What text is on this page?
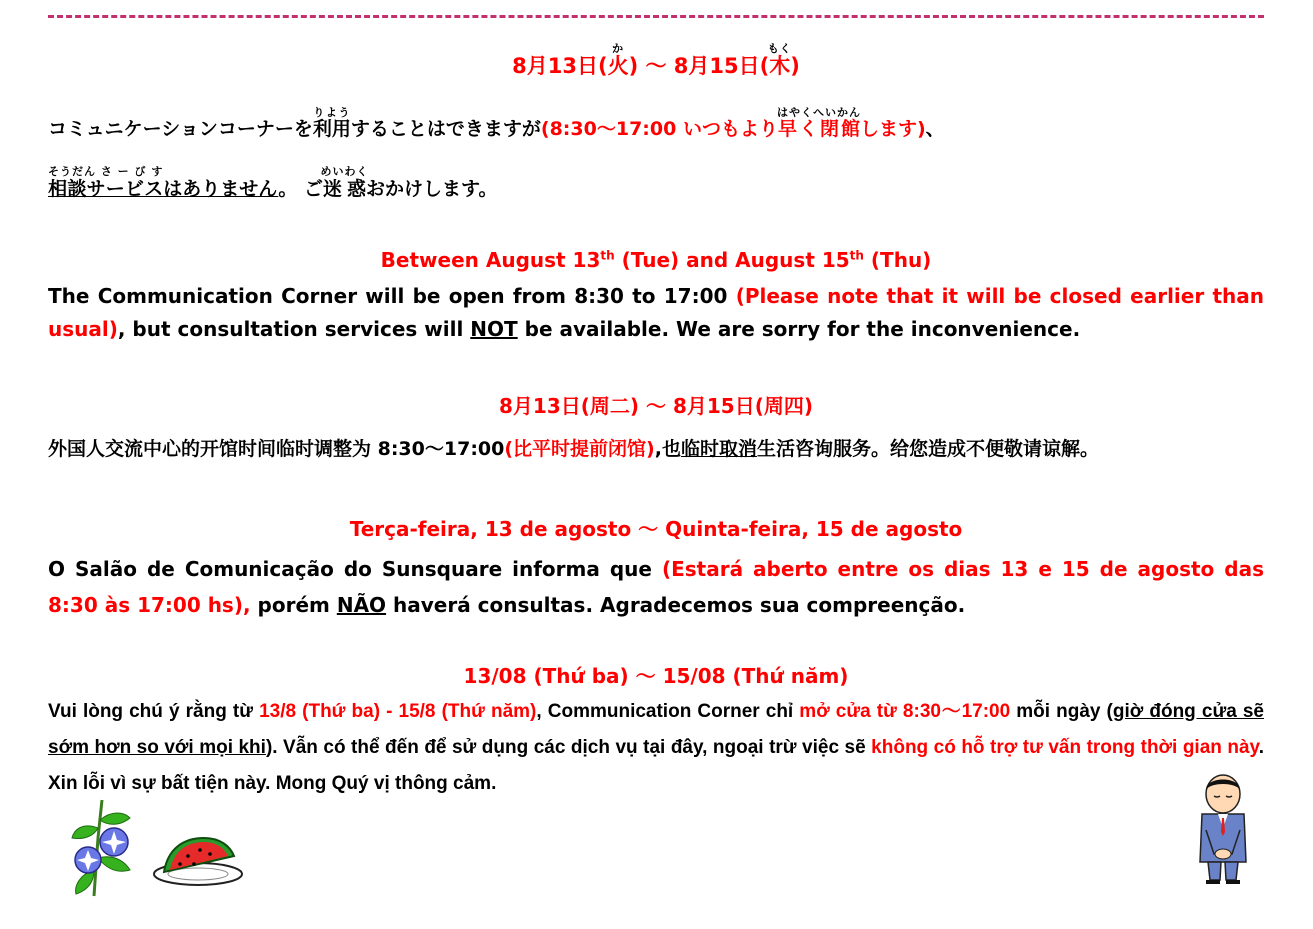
8月13日(火か) 〜 8月15日(木もく)
コミュニケーションコーナーを利用りようすることはできますが(8:30〜17:00 いつもより早く閉館はやくへいかんします)、
相談サービスそうだん さ ー び すはありません。 ご迷惑めいわくおかけします。
Between August 13th (Tue) and August 15th (Thu)
The Communication Corner will be open from 8:30 to 17:00 (Please note that it will be closed earlier than usual), but consultation services will NOT be available. We are sorry for the inconvenience.
8月13日(周二) 〜 8月15日(周四)
外国人交流中心的开馆时间临时调整为 8:30〜17:00(比平时提前闭馆),也临时取消生活咨询服务。给您造成不便敬请谅解。
Terça-feira, 13 de agosto 〜 Quinta-feira, 15 de agosto
O Salão de Comunicação do Sunsquare informa que (Estará aberto entre os dias 13 e 15 de agosto das 8:30 às 17:00 hs), porém NÃO haverá consultas. Agradecemos sua compreenção.
13/08 (Thứ ba) 〜 15/08 (Thứ năm)
Vui lòng chú ý rằng từ 13/8 (Thứ ba) - 15/8 (Thứ năm), Communication Corner chỉ mở cửa từ 8:30〜17:00 mỗi ngày (giờ đóng cửa sẽ sớm hơn so với mọi khi). Vẫn có thể đến để sử dụng các dịch vụ tại đây, ngoại trừ việc sẽ không có hỗ trợ tư vấn trong thời gian này. Xin lỗi vì sự bất tiện này. Mong Quý vị thông cảm.
